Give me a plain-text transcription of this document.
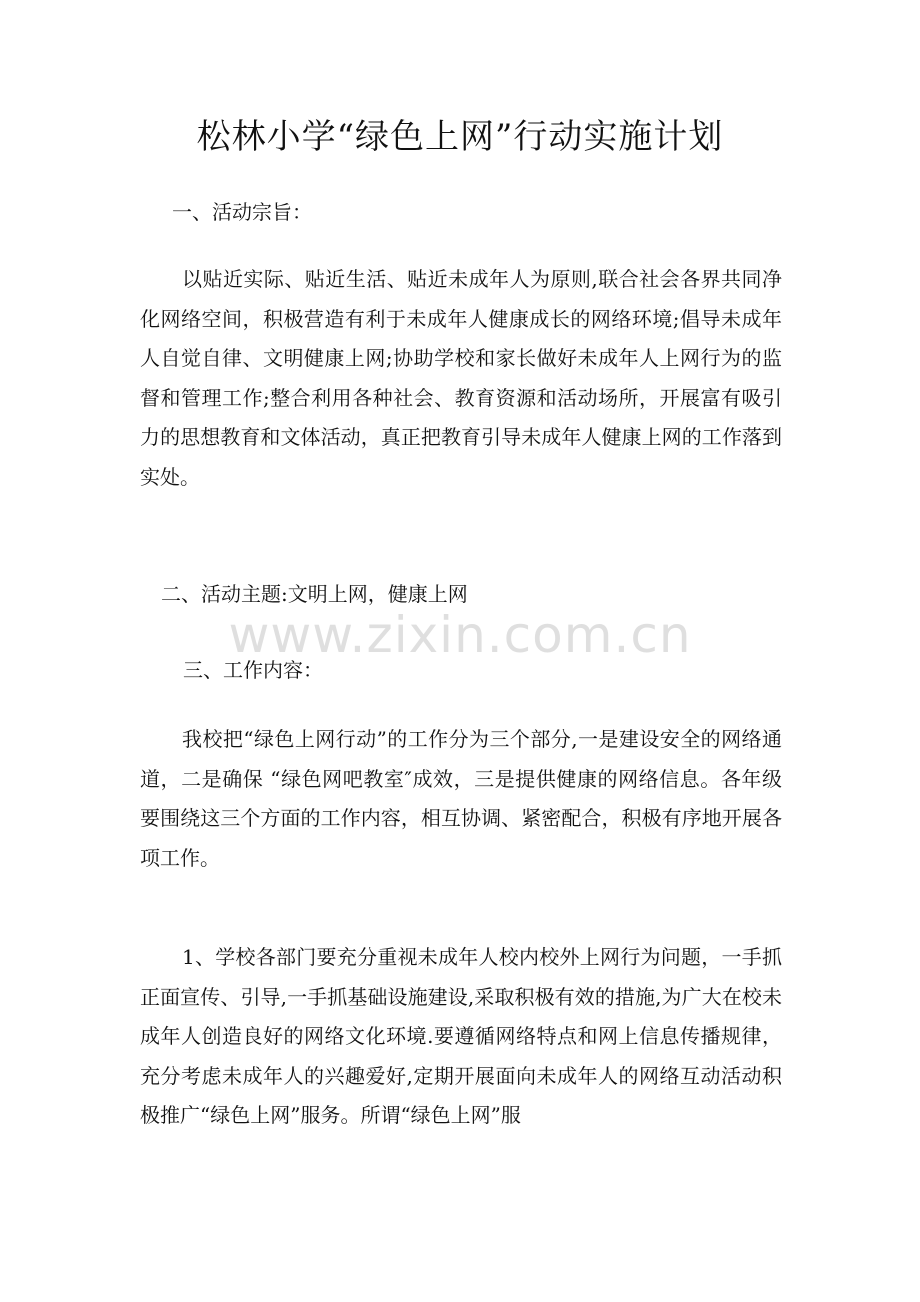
松林小学“绿色上网”行动实施计划

一、活动宗旨：

以贴近实际、贴近生活、贴近未成年人为原则,联合社会各界共同净化网络空间，积极营造有利于未成年人健康成长的网络环境;倡导未成年人自觉自律、文明健康上网;协助学校和家长做好未成年人上网行为的监督和管理工作;整合利用各种社会、教育资源和活动场所，开展富有吸引力的思想教育和文体活动，真正把教育引导未成年人健康上网的工作落到实处。

二、活动主题:文明上网，健康上网

三、工作内容：

我校把“绿色上网行动”的工作分为三个部分,一是建设安全的网络通道，二是确保 “绿色网吧教室″成效，三是提供健康的网络信息。各年级要围绕这三个方面的工作内容，相互协调、紧密配合，积极有序地开展各项工作。

1、学校各部门要充分重视未成年人校内校外上网行为问题，一手抓正面宣传、引导,一手抓基础设施建设,采取积极有效的措施,为广大在校未成年人创造良好的网络文化环境.要遵循网络特点和网上信息传播规律，充分考虑未成年人的兴趣爱好,定期开展面向未成年人的网络互动活动积极推广“绿色上网”服务。所谓“绿色上网”服

www.zixin.com.cn
